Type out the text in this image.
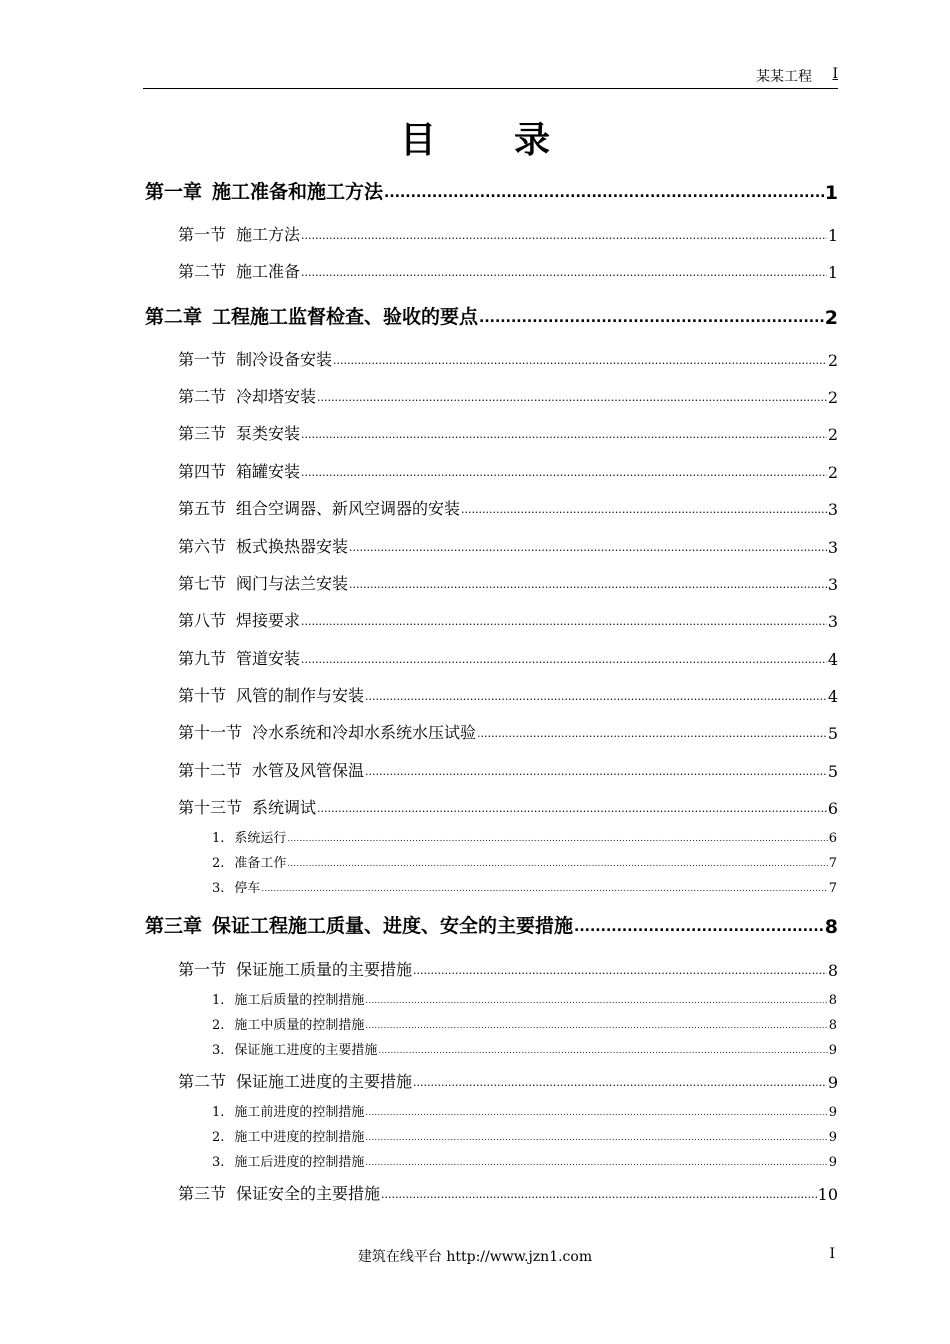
某某工程 I
目录
第一章 施工准备和施工方法 .....	1
第一节 施工方法 .....	1
第二节 施工准备 .....	1
第二章 工程施工监督检查、验收的要点 .....	2
第一节 制冷设备安装 .....	2
第二节 冷却塔安装 .....	2
第三节 泵类安装 .....	2
第四节 箱罐安装 .....	2
第五节 组合空调器、新风空调器的安装 .....	3
第六节 板式换热器安装 .....	3
第七节 阀门与法兰安装 .....	3
第八节 焊接要求 .....	3
第九节 管道安装 .....	4
第十节 风管的制作与安装 .....	4
第十一节 冷水系统和冷却水系统水压试验 .....	5
第十二节 水管及风管保温 .....	5
第十三节 系统调试 .....	6
1. 系统运行 .....	6
2. 准备工作 .....	7
3. 停车 .....	7
第三章 保证工程施工质量、进度、安全的主要措施 .....	8
第一节 保证施工质量的主要措施 .....	8
1. 施工后质量的控制措施 .....	8
2. 施工中质量的控制措施 .....	8
3. 保证施工进度的主要措施 .....	9
第二节 保证施工进度的主要措施 .....	9
1. 施工前进度的控制措施 .....	9
2. 施工中进度的控制措施 .....	9
3. 施工后进度的控制措施 .....	9
第三节 保证安全的主要措施 .....	10
建筑在线平台 http://www.jzn1.com	I
